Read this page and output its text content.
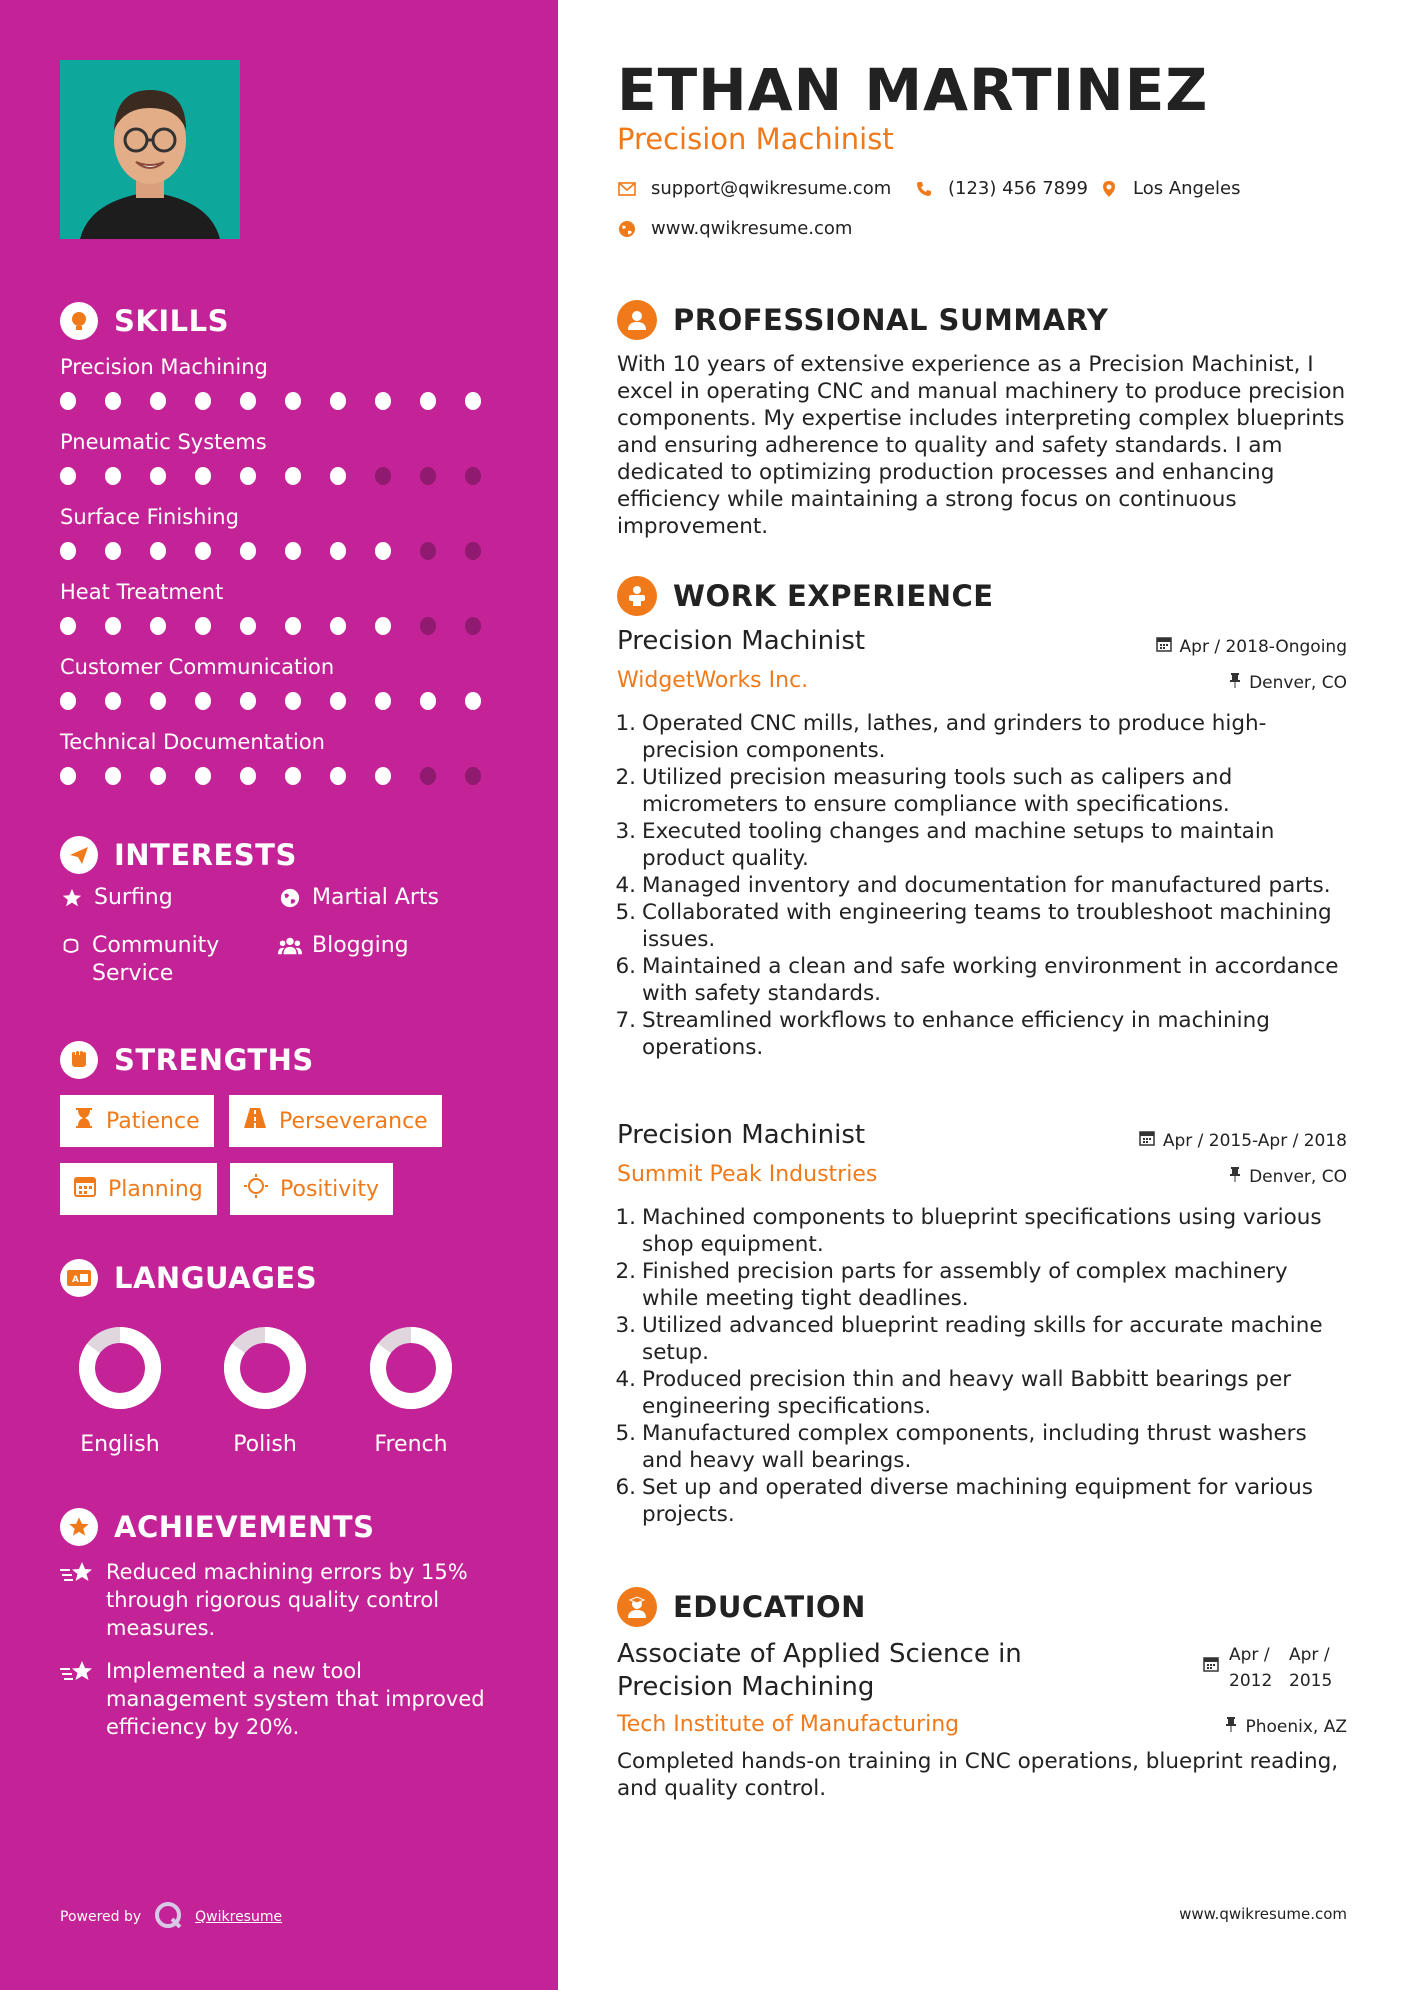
SKILLS
Precision Machining
Pneumatic Systems
Surface Finishing
Heat Treatment
Customer Communication
Technical Documentation
INTERESTS
Surfing	Martial Arts
Community Service
Blogging
STRENGTHS
Patience	Perseverance
Planning	Positivity
A LANGUAGES
English	Polish	French
ACHIEVEMENTS
Reduced machining errors by 15% through rigorous quality control measures.
Implemented a new tool management system that improved efficiency by 20%.
Powered by	Qwikresume
ETHAN MARTINEZ
Precision Machinist
support@qwikresume.com	(123) 456 7899 Los Angeles
www.qwikresume.com
PROFESSIONAL SUMMARY
With 10 years of extensive experience as a Precision Machinist, I excel in operating CNC and manual machinery to produce precision components. My expertise includes interpreting complex blueprints and ensuring adherence to quality and safety standards. I am dedicated to optimizing production processes and enhancing efficiency while maintaining a strong focus on continuous improvement.
WORK EXPERIENCE
Precision Machinist	Apr / 2018-Ongoing
WidgetWorks Inc.	Denver, CO
1. Operated CNC mills, lathes, and grinders to produce high-precision components.
2. Utilized precision measuring tools such as calipers and micrometers to ensure compliance with specifications.
3. Executed tooling changes and machine setups to maintain product quality.
4. Managed inventory and documentation for manufactured parts.
5. Collaborated with engineering teams to troubleshoot machining issues.
6. Maintained a clean and safe working environment in accordance with safety standards.
7. Streamlined workflows to enhance efficiency in machining operations.
Precision Machinist	Apr / 2015-Apr / 2018
Summit Peak Industries	Denver, CO
1. Machined components to blueprint specifications using various shop equipment.
2. Finished precision parts for assembly of complex machinery while meeting tight deadlines.
3. Utilized advanced blueprint reading skills for accurate machine setup.
4. Produced precision thin and heavy wall Babbitt bearings per engineering specifications.
5. Manufactured complex components, including thrust washers and heavy wall bearings.
6. Set up and operated diverse machining equipment for various projects.
EDUCATION
Associate of Applied Science in Precision Machining
Apr / 2012
Apr / 2015
Tech Institute of Manufacturing	Phoenix, AZ
Completed hands-on training in CNC operations, blueprint reading, and quality control.
www.qwikresume.com
